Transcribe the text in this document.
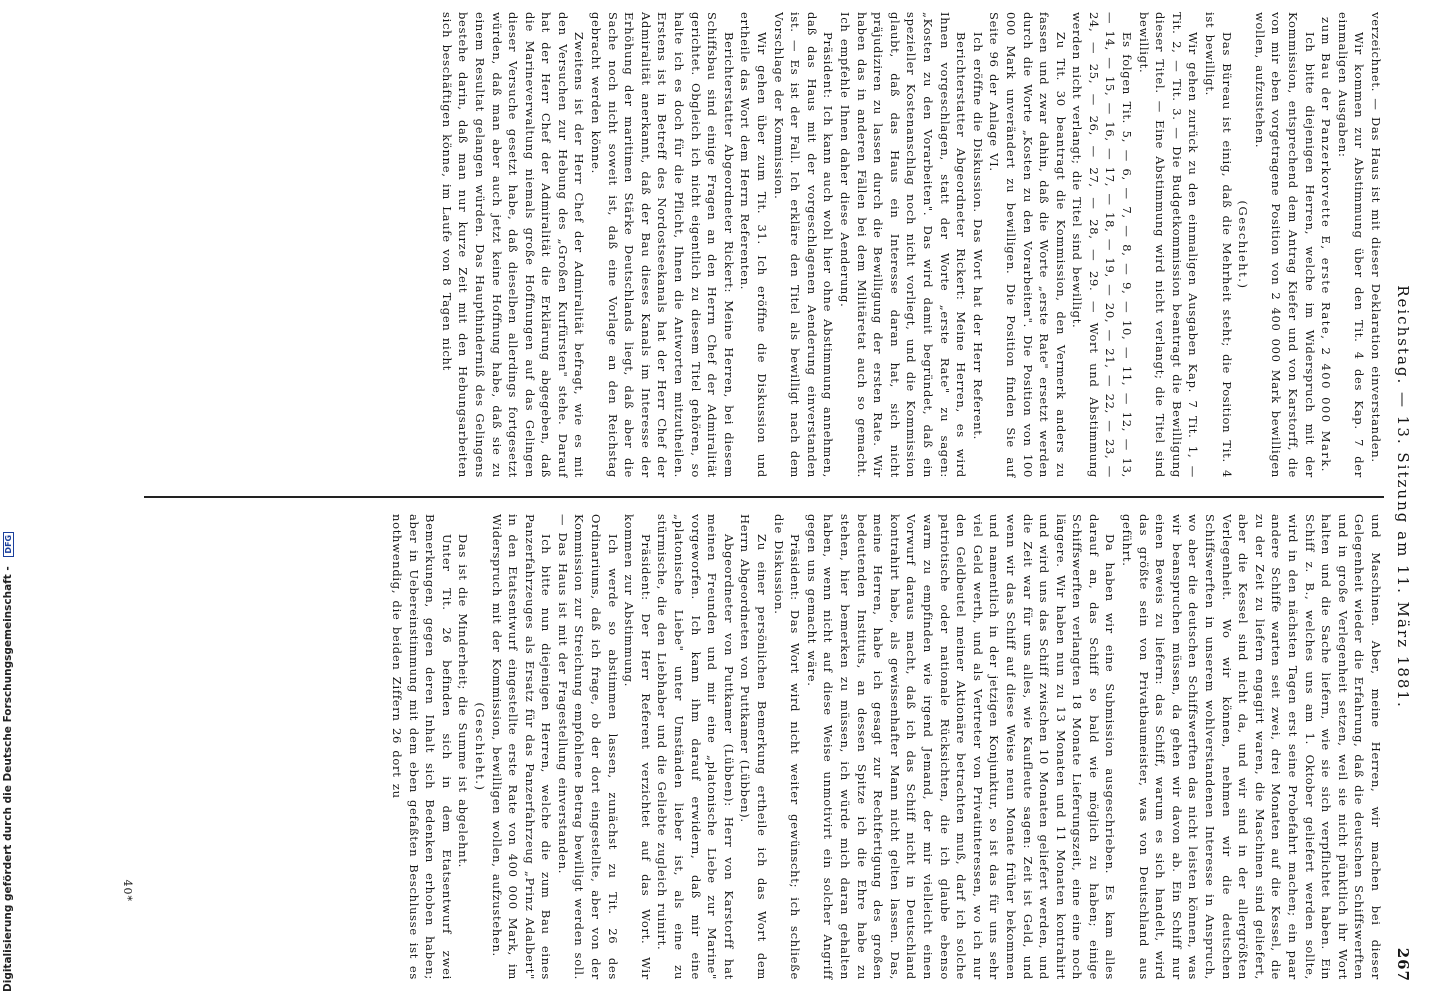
Reichstag. — 13. Sitzung am 11. März 1881.
267

verzeichnet. — Das Haus ist mit dieser Deklaration einverstanden.

Wir kommen zur Abstimmung über den Tit. 4 des Kap. 7 der einmaligen Ausgaben:

zum Bau der Panzerkorvette E, erste Rate, 2 400 000 Mark.

Ich bitte diejenigen Herren, welche im Widerspruch mit der Kommission, entsprechend dem Antrag Kiefer und von Karstorff, die von mir eben vorgetragene Position von 2 400 000 Mark bewilligen wollen, aufzustehen.

(Geschieht.)

Das Büreau ist einig, daß die Mehrheit steht; die Position Tit. 4 ist bewilligt.

Wir gehen zurück zu den einmaligen Ausgaben Kap. 7 Tit. 1, — Tit. 2, — Tit. 3. — Die Budgetkommission beantragt die Bewilligung dieser Titel. — Eine Abstimmung wird nicht verlangt; die Titel sind bewilligt.

Es folgen Tit. 5, — 6, — 7, — 8, — 9, — 10, — 11, — 12, — 13, — 14, — 15, — 16, — 17, — 18, — 19, — 20, — 21, — 22, — 23, — 24, — 25, — 26, — 27, — 28, — 29. — Wort und Abstimmung werden nicht verlangt; die Titel sind bewilligt.

Zu Tit. 30 beantragt die Kommission, den Vermerk anders zu fassen und zwar dahin, daß die Worte „erste Rate" ersetzt werden durch die Worte „Kosten zu den Vorarbeiten". Die Position von 100 000 Mark unverändert zu bewilligen. Die Position finden Sie auf Seite 96 der Anlage VI.

Ich eröffne die Diskussion. Das Wort hat der Herr Referent.

Berichterstatter Abgeordneter Rickert: Meine Herren, es wird Ihnen vorgeschlagen, statt der Worte „erste Rate" zu sagen: „Kosten zu den Vorarbeiten". Das wird damit begründet, daß ein spezieller Kostenanschlag noch nicht vorliegt, und die Kommission glaubt, daß das Haus ein Interesse daran hat, sich nicht präjudiziren zu lassen durch die Bewilligung der ersten Rate. Wir haben das in anderen Fällen bei dem Militäretat auch so gemacht. Ich empfehle Ihnen daher diese Aenderung.

Präsident: Ich kann auch wohl hier ohne Abstimmung annehmen, daß das Haus mit der vorgeschlagenen Aenderung einverstanden ist. — Es ist der Fall. Ich erkläre den Titel als bewilligt nach dem Vorschlage der Kommission.

Wir gehen über zum Tit. 31. Ich eröffne die Diskussion und ertheile das Wort dem Herrn Referenten.

Berichterstatter Abgeordneter Rickert: Meine Herren, bei diesem Schiffsbau sind einige Fragen an den Herrn Chef der Admiralität gerichtet. Obgleich ich nicht eigentlich zu diesem Titel gehören, so halte ich es doch für die Pflicht, Ihnen die Antworten mitzutheilen. Erstens ist in Betreff des Nordostseekanals hat der Herr Chef der Admiralität anerkannt, daß der Bau dieses Kanals im Interesse der Erhöhung der maritimen Stärke Deutschlands liegt, daß aber die Sache noch nicht soweit ist, daß eine Vorlage an den Reichstag gebracht werden könne.

Zweitens ist der Herr Chef der Admiralität befragt, wie es mit den Versuchen zur Hebung des „Großen Kurfürsten" stehe. Darauf hat der Herr Chef der Admiralität die Erklärung abgegeben, daß die Marineverwaltung niemals große Hoffnungen auf das Gelingen dieser Versuche gesetzt habe, daß dieselben allerdings fortgesetzt würden, daß man aber auch jetzt keine Hoffnung habe, daß sie zu einem Resultat gelangen würden. Das Haupthinderniß des Gelingens bestehe darin, daß man nur kurze Zeit mit den Hebungsarbeiten sich beschäftigen könne, im Laufe von 8 Tagen nicht

und Maschinen. Aber, meine Herren, wir machen bei dieser Gelegenheit wieder die Erfahrung, daß die deutschen Schiffswerften und in große Verlegenheit setzen, weil sie nicht pünktlich ihr Wort halten und die Sache liefern, wie sie sich verpflichtet haben. Ein Schiff z. B., welches uns am 1. Oktober geliefert werden sollte, wird in den nächsten Tagen erst seine Probefahrt machen; ein paar andere Schiffe warten seit zwei, drei Monaten auf die Kessel, die zu der Zeit zu liefern engagirt waren, die Maschinen sind geliefert, aber die Kessel sind nicht da, und wir sind in der allergrößten Verlegenheit. Wo wir können, nehmen wir die deutschen Schiffswerften in unserem wohlverstandenen Interesse in Anspruch, wo aber die deutschen Schiffswerften das nicht leisten können, was wir beanspruchen müssen, da gehen wir davon ab. Ein Schiff nur einen Beweis zu liefern: das Schiff, warum es sich handelt, wird das größte sein von Privatbaumeister, was von Deutschland aus geführt.

Da haben wir eine Submission ausgeschrieben. Es kam alles darauf an, das Schiff so bald wie möglich zu haben; einige Schiffswerften verlangten 18 Monate Lieferungszeit, eine eine noch längere. Wir haben nun zu 13 Monaten und 11 Monaten kontrahirt und wird uns das Schiff zwischen 10 Monaten geliefert werden, und die Zeit war für uns alles, wie Kaufleute sagen: Zeit ist Geld, und wenn wir das Schiff auf diese Weise neun Monate früher bekommen und namentlich in der jetzigen Konjunktur, so ist das für uns sehr viel Geld werth, und als Vertreter von Privatinteressen, wo ich nur den Geldbeutel meiner Aktionäre betrachten muß, darf ich solche patriotische oder nationale Rücksichten, die ich glaube ebenso warm zu empfinden wie irgend Jemand, der mir vielleicht einen Vorwurf daraus macht, daß ich das Schiff nicht in Deutschland kontrahirt habe, als gewissenhafter Mann nicht gelten lassen. Das, meine Herren, habe ich gesagt zur Rechtfertigung des großen bedeutenden Instituts, an dessen Spitze ich die Ehre habe zu stehen, hier bemerken zu müssen, ich würde mich daran gehalten haben, wenn nicht auf diese Weise unmotivirt ein solcher Angriff gegen uns gemacht wäre.

Präsident: Das Wort wird nicht weiter gewünscht; ich schließe die Diskussion.

Zu einer persönlichen Bemerkung ertheile ich das Wort dem Herrn Abgeordneten von Puttkamer (Lübben).

Abgeordneter von Puttkamer (Lübben): Herr von Karstorff hat meinen Freunden und mir eine „platonische Liebe zur Marine" vorgeworfen. Ich kann ihm darauf erwidern, daß mir eine „platonische Liebe" unter Umständen lieber ist, als eine zu stürmische, die den Liebhaber und die Geliebte zugleich ruinirt.

Präsident: Der Herr Referent verzichtet auf das Wort. Wir kommen zur Abstimmung.

Ich werde so abstimmen lassen, zunächst zu Tit. 26 des Ordinariums, daß ich frage, ob der dort eingestellte, aber von der Kommission zur Streichung empfohlene Betrag bewilligt werden soll. — Das Haus ist mit der Fragestellung einverstanden.

Ich bitte nun diejenigen Herren, welche die zum Bau eines Panzerfahrzeuges als Ersatz für das Panzerfahrzeug „Prinz Adalbert" in den Etatsentwurf eingestellte erste Rate von 400 000 Mark, im Widerspruch mit der Kommission, bewilligen wollen, aufzustehen.

(Geschieht.)

Das ist die Minderheit; die Summe ist abgelehnt.

Unter Tit. 26 befinden sich in dem Etatsentwurf zwei Bemerkungen, gegen deren Inhalt sich Bedenken erhoben haben; aber in Uebereinstimmung mit dem eben gefaßten Beschlusse ist es nothwendig, die beiden Ziffern 26 dort zu

40*
Digitalisierung gefördert durch die Deutsche Forschungsgemeinschaft - DFG
